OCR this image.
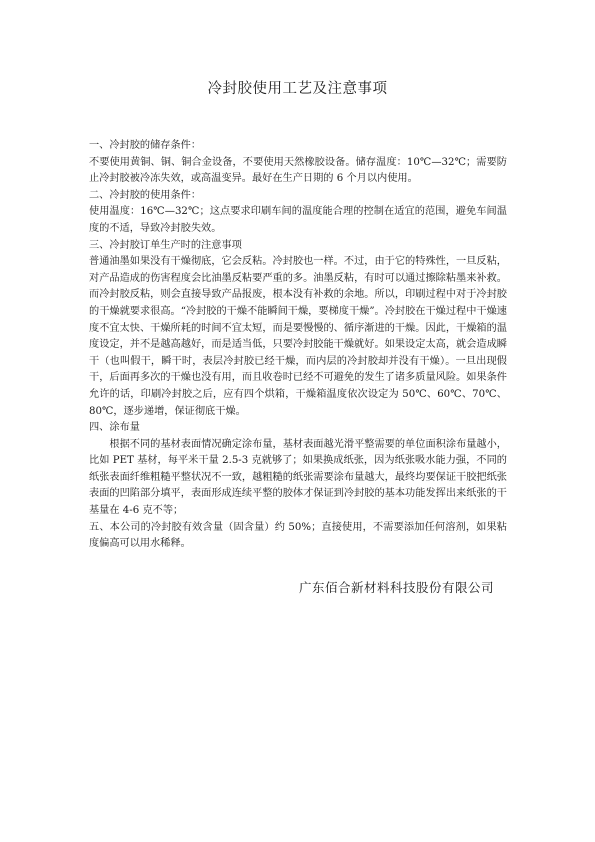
冷封胶使用工艺及注意事项

一、冷封胶的储存条件：

不要使用黄铜、铜、铜合金设备，不要使用天然橡胶设备。储存温度：10℃—32℃；需要防止冷封胶被冷冻失效，或高温变异。最好在生产日期的 6 个月以内使用。

二、冷封胶的使用条件：

使用温度：16℃—32℃；这点要求印刷车间的温度能合理的控制在适宜的范围，避免车间温度的不适，导致冷封胶失效。

三、冷封胶订单生产时的注意事项

普通油墨如果没有干燥彻底，它会反粘。冷封胶也一样。不过，由于它的特殊性，一旦反粘，对产品造成的伤害程度会比油墨反粘要严重的多。油墨反粘，有时可以通过擦除粘墨来补救。而冷封胶反粘，则会直接导致产品报废，根本没有补救的余地。所以，印刷过程中对于冷封胶的干燥就要求很高。“冷封胶的干燥不能瞬间干燥，要梯度干燥”。冷封胶在干燥过程中干燥速度不宜太快、干燥所耗的时间不宜太短，而是要慢慢的、循序渐进的干燥。因此，干燥箱的温度设定，并不是越高越好，而是适当低，只要冷封胶能干燥就好。如果设定太高，就会造成瞬干（也叫假干，瞬干时，表层冷封胶已经干燥，而内层的冷封胶却并没有干燥）。一旦出现假干，后面再多次的干燥也没有用，而且收卷时已经不可避免的发生了诸多质量风险。如果条件允许的话，印刷冷封胶之后，应有四个烘箱，干燥箱温度依次设定为 50℃、60℃、70℃、80℃，逐步递增，保证彻底干燥。

四、涂布量

根据不同的基材表面情况确定涂布量，基材表面越光滑平整需要的单位面积涂布量越小，比如 PET 基材，每平米干量 2.5-3 克就够了；如果换成纸张，因为纸张吸水能力强，不同的纸张表面纤维粗糙平整状况不一致，越粗糙的纸张需要涂布量越大，最终均要保证干胶把纸张表面的凹陷部分填平，表面形成连续平整的胶体才保证到冷封胶的基本功能发挥出来纸张的干基量在 4-6 克不等；

五、本公司的冷封胶有效含量（固含量）约 50%；直接使用，不需要添加任何溶剂，如果粘度偏高可以用水稀释。

广东佰合新材料科技股份有限公司
